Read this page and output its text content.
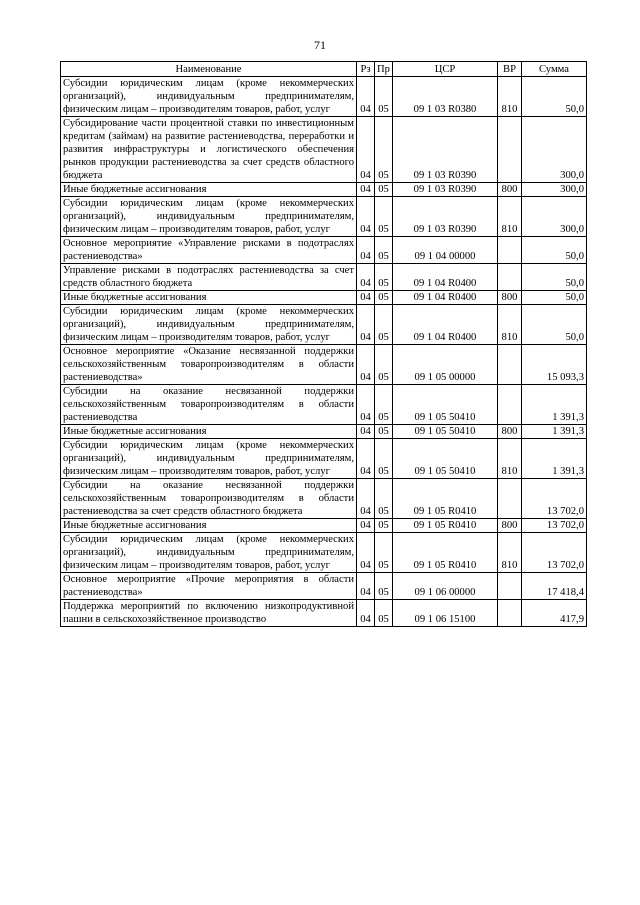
71
Наименование	Рз	Пр	ЦСР	ВР	Сумма
Субсидии юридическим лицам (кроме некоммерческих организаций), индивидуальным предпринимателям, физическим лицам – производителям товаров, работ, услуг	04	05	09 1 03 R0380	810	50,0
Субсидирование части процентной ставки по инвестиционным кредитам (займам) на развитие растениеводства, переработки и развития инфраструктуры и логистического обеспечения рынков продукции растениеводства за счет средств областного бюджета	04	05	09 1 03 R0390		300,0
Иные бюджетные ассигнования	04	05	09 1 03 R0390	800	300,0
Субсидии юридическим лицам (кроме некоммерческих организаций), индивидуальным предпринимателям, физическим лицам – производителям товаров, работ, услуг	04	05	09 1 03 R0390	810	300,0
Основное мероприятие «Управление рисками в подотраслях растениеводства»	04	05	09 1 04 00000		50,0
Управление рисками в подотраслях растениеводства за счет средств областного бюджета	04	05	09 1 04 R0400		50,0
Иные бюджетные ассигнования	04	05	09 1 04 R0400	800	50,0
Субсидии юридическим лицам (кроме некоммерческих организаций), индивидуальным предпринимателям, физическим лицам – производителям товаров, работ, услуг	04	05	09 1 04 R0400	810	50,0
Основное мероприятие «Оказание несвязанной поддержки сельскохозяйственным товаропроизводителям в области растениеводства»	04	05	09 1 05 00000		15 093,3
Субсидии на оказание несвязанной поддержки сельскохозяйственным товаропроизводителям в области растениеводства	04	05	09 1 05 50410		1 391,3
Иные бюджетные ассигнования	04	05	09 1 05 50410	800	1 391,3
Субсидии юридическим лицам (кроме некоммерческих организаций), индивидуальным предпринимателям, физическим лицам – производителям товаров, работ, услуг	04	05	09 1 05 50410	810	1 391,3
Субсидии на оказание несвязанной поддержки сельскохозяйственным товаропроизводителям в области растениеводства за счет средств областного бюджета	04	05	09 1 05 R0410		13 702,0
Иные бюджетные ассигнования	04	05	09 1 05 R0410	800	13 702,0
Субсидии юридическим лицам (кроме некоммерческих организаций), индивидуальным предпринимателям, физическим лицам – производителям товаров, работ, услуг	04	05	09 1 05 R0410	810	13 702,0
Основное мероприятие «Прочие мероприятия в области растениеводства»	04	05	09 1 06 00000		17 418,4
Поддержка мероприятий по включению низкопродуктивной пашни в сельскохозяйственное производство	04	05	09 1 06 15100		417,9
